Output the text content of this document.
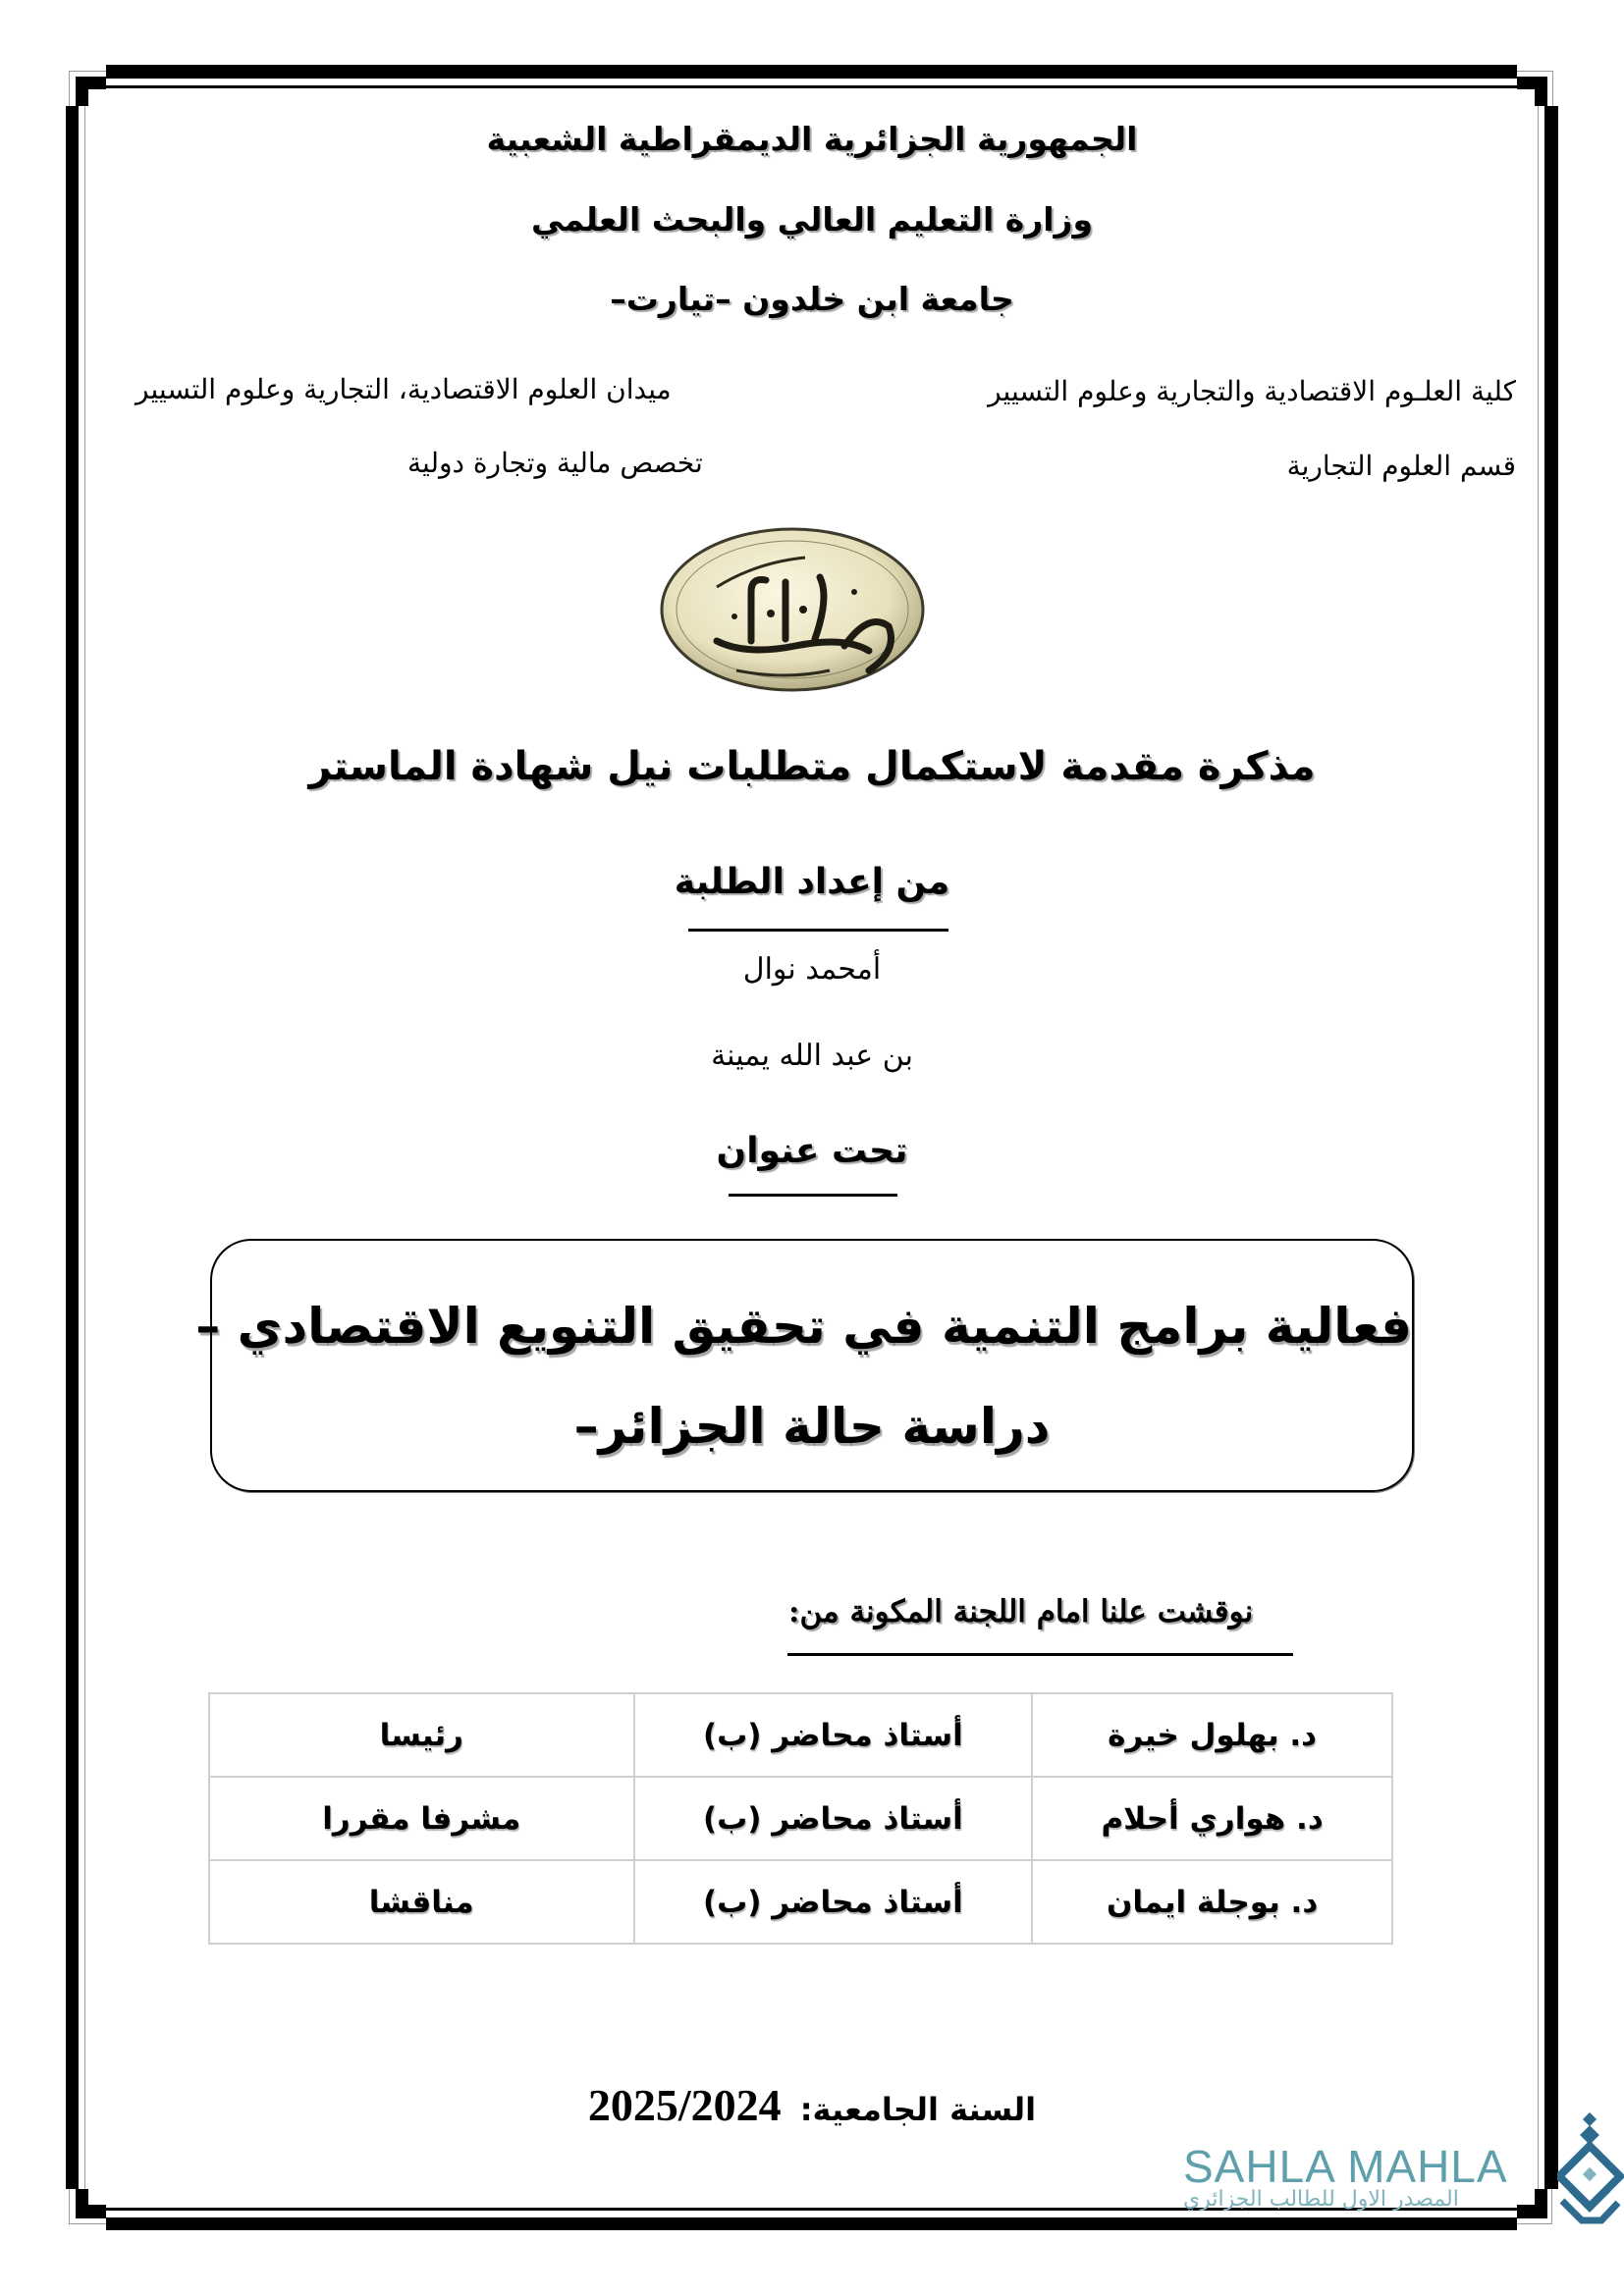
الجمهورية الجزائرية الديمقراطية الشعبية
وزارة التعليم العالي والبحث العلمي
جامعة ابن خلدون –تيارت–
كلية العلـوم الاقتصادية والتجارية وعلوم التسيير
قسم العلوم التجارية
ميدان العلوم الاقتصادية، التجارية وعلوم التسيير
تخصص مالية وتجارة دولية
مذكرة مقدمة لاستكمال متطلبات نيل شهادة الماستر
من إعداد الطلبة
أمحمد نوال
بن عبد الله يمينة
تحت عنوان
فعالية برامج التنمية في تحقيق التنويع الاقتصادي –
دراسة حالة الجزائر–
نوقشت علنا امام اللجنة المكونة من:
د. بهلول خيرة	أستاذ محاضر (ب)	رئيسا
د. هواري أحلام	أستاذ محاضر (ب)	مشرفا مقررا
د. بوجلة ايمان	أستاذ محاضر (ب)	مناقشا
السنة الجامعية: 2025/2024
SAHLA MAHLA
المصدر الاول للطالب الجزائري
